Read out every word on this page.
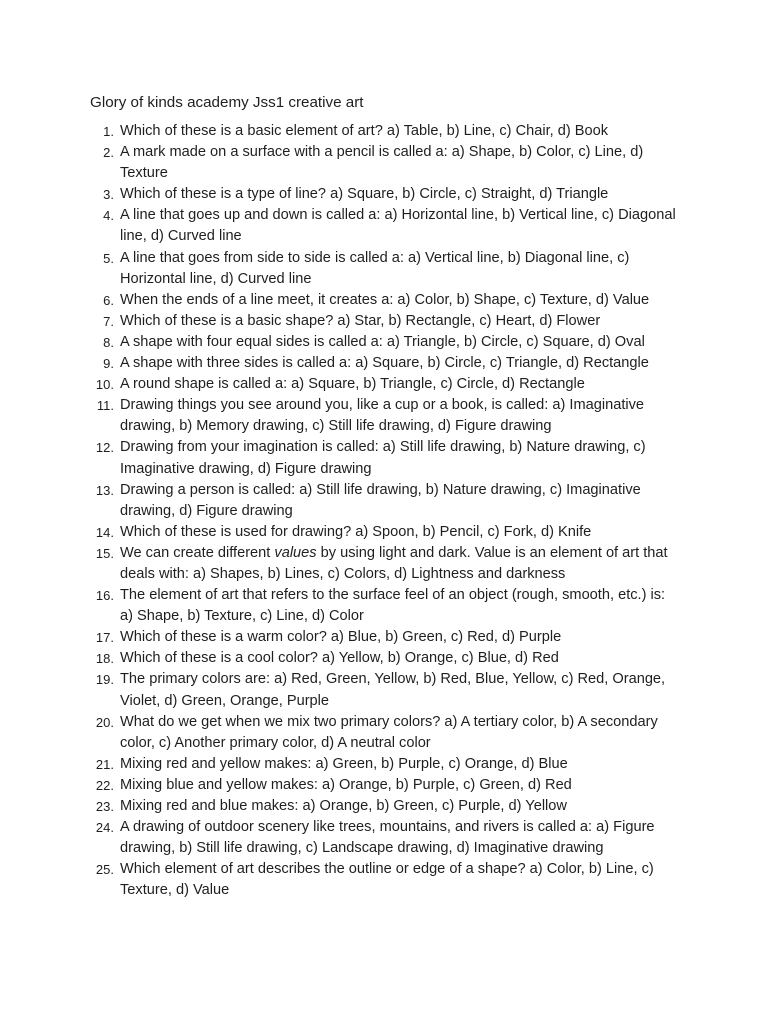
Glory of kinds academy Jss1 creative art
1. Which of these is a basic element of art? a) Table, b) Line, c) Chair, d) Book
2. A mark made on a surface with a pencil is called a: a) Shape, b) Color, c) Line, d) Texture
3. Which of these is a type of line? a) Square, b) Circle, c) Straight, d) Triangle
4. A line that goes up and down is called a: a) Horizontal line, b) Vertical line, c) Diagonal line, d) Curved line
5. A line that goes from side to side is called a: a) Vertical line, b) Diagonal line, c) Horizontal line, d) Curved line
6. When the ends of a line meet, it creates a: a) Color, b) Shape, c) Texture, d) Value
7. Which of these is a basic shape? a) Star, b) Rectangle, c) Heart, d) Flower
8. A shape with four equal sides is called a: a) Triangle, b) Circle, c) Square, d) Oval
9. A shape with three sides is called a: a) Square, b) Circle, c) Triangle, d) Rectangle
10. A round shape is called a: a) Square, b) Triangle, c) Circle, d) Rectangle
11. Drawing things you see around you, like a cup or a book, is called: a) Imaginative drawing, b) Memory drawing, c) Still life drawing, d) Figure drawing
12. Drawing from your imagination is called: a) Still life drawing, b) Nature drawing, c) Imaginative drawing, d) Figure drawing
13. Drawing a person is called: a) Still life drawing, b) Nature drawing, c) Imaginative drawing, d) Figure drawing
14. Which of these is used for drawing? a) Spoon, b) Pencil, c) Fork, d) Knife
15. We can create different values by using light and dark. Value is an element of art that deals with: a) Shapes, b) Lines, c) Colors, d) Lightness and darkness
16. The element of art that refers to the surface feel of an object (rough, smooth, etc.) is: a) Shape, b) Texture, c) Line, d) Color
17. Which of these is a warm color? a) Blue, b) Green, c) Red, d) Purple
18. Which of these is a cool color? a) Yellow, b) Orange, c) Blue, d) Red
19. The primary colors are: a) Red, Green, Yellow, b) Red, Blue, Yellow, c) Red, Orange, Violet, d) Green, Orange, Purple
20. What do we get when we mix two primary colors? a) A tertiary color, b) A secondary color, c) Another primary color, d) A neutral color
21. Mixing red and yellow makes: a) Green, b) Purple, c) Orange, d) Blue
22. Mixing blue and yellow makes: a) Orange, b) Purple, c) Green, d) Red
23. Mixing red and blue makes: a) Orange, b) Green, c) Purple, d) Yellow
24. A drawing of outdoor scenery like trees, mountains, and rivers is called a: a) Figure drawing, b) Still life drawing, c) Landscape drawing, d) Imaginative drawing
25. Which element of art describes the outline or edge of a shape? a) Color, b) Line, c) Texture, d) Value
